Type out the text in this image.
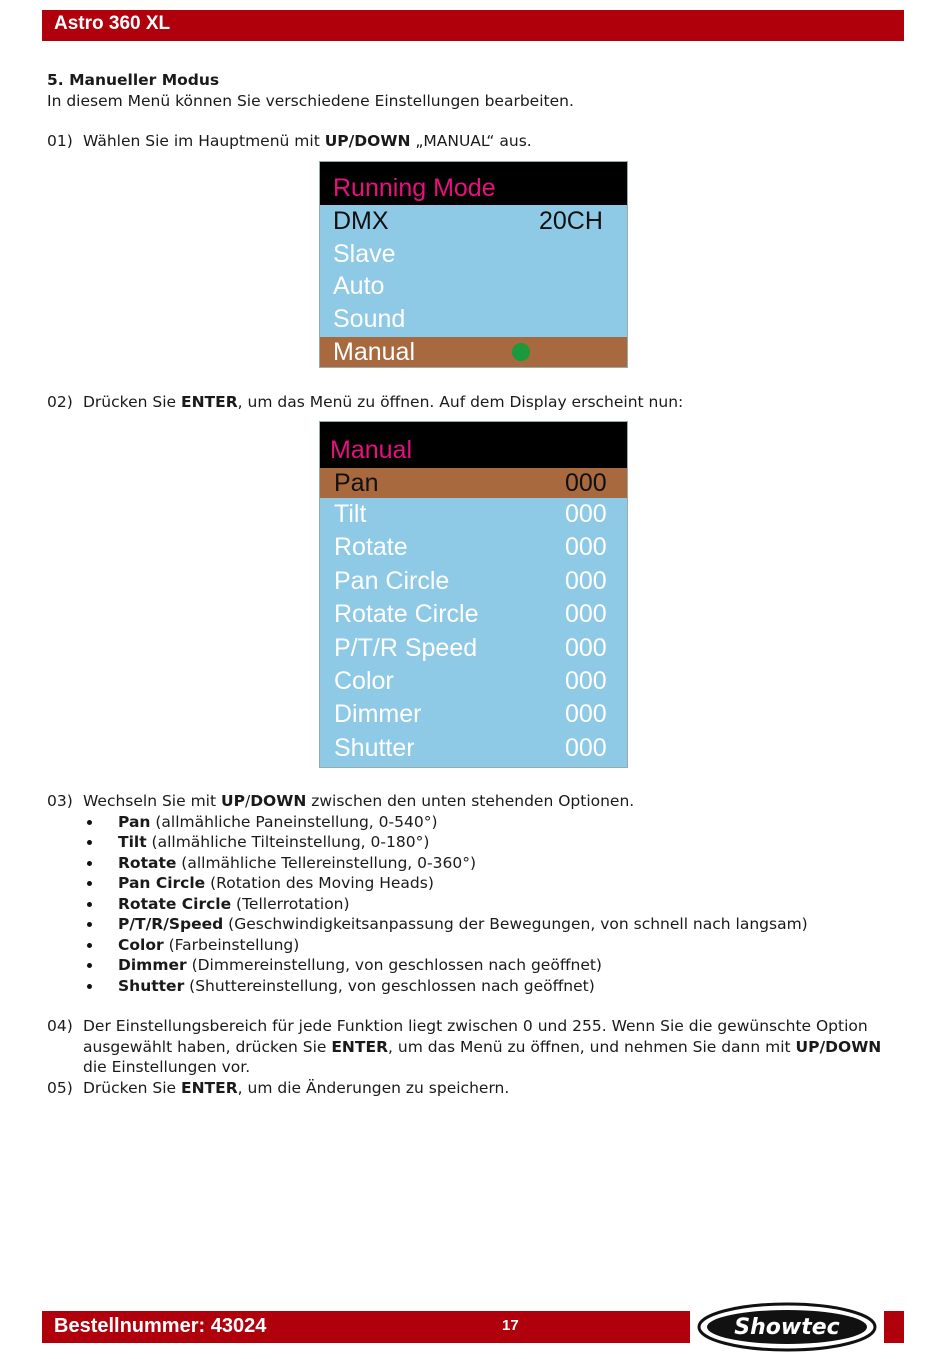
Astro 360 XL
5. Manueller Modus
In diesem Menü können Sie verschiedene Einstellungen bearbeiten.
01) Wählen Sie im Hauptmenü mit UP/DOWN „MANUAL“ aus.
Running Mode
DMX	20CH
Slave
Auto
Sound
Manual
02) Drücken Sie ENTER, um das Menü zu öffnen. Auf dem Display erscheint nun:
Manual
Pan	000
Tilt	000
Rotate	000
Pan Circle	000
Rotate Circle	000
P/T/R Speed	000
Color	000
Dimmer	000
Shutter	000
03) Wechseln Sie mit UP/DOWN zwischen den unten stehenden Optionen.
Pan (allmähliche Paneinstellung, 0-540°)
Tilt (allmähliche Tilteinstellung, 0-180°)
Rotate (allmähliche Tellereinstellung, 0-360°)
Pan Circle (Rotation des Moving Heads)
Rotate Circle (Tellerrotation)
P/T/R/Speed (Geschwindigkeitsanpassung der Bewegungen, von schnell nach langsam)
Color (Farbeinstellung)
Dimmer (Dimmereinstellung, von geschlossen nach geöffnet)
Shutter (Shuttereinstellung, von geschlossen nach geöffnet)
04) Der Einstellungsbereich für jede Funktion liegt zwischen 0 und 255. Wenn Sie die gewünschte Option ausgewählt haben, drücken Sie ENTER, um das Menü zu öffnen, und nehmen Sie dann mit UP/DOWN die Einstellungen vor.
05) Drücken Sie ENTER, um die Änderungen zu speichern.
Bestellnummer: 43024	17	Showtec
